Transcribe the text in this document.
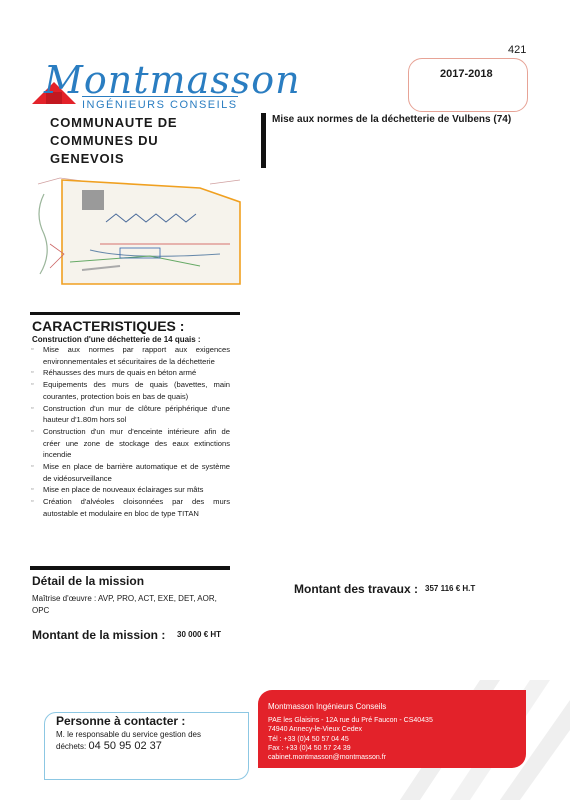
421
Montmasson
INGÉNIEURS CONSEILS
2017-2018
COMMUNAUTE DE
COMMUNES DU
GENEVOIS
Mise aux normes de la déchetterie de Vulbens (74)
CARACTERISTIQUES :
Construction d'une déchetterie de 14 quais :
▫ Mise aux normes par rapport aux exigences environnementales et sécuritaires de la déchetterie
▫ Réhausses des murs de quais en béton armé
▫ Equipements des murs de quais (bavettes, main courantes, protection bois en bas de quais)
▫ Construction d'un mur de clôture périphérique d'une hauteur d'1.80m hors sol
▫ Construction d'un mur d'enceinte intérieure afin de créer une zone de stockage des eaux extinctions incendie
▫ Mise en place de barrière automatique et de système de vidéosurveillance
▫ Mise en place de nouveaux éclairages sur mâts
▫ Création d'alvéoles cloisonnées par des murs autostable et modulaire en bloc de type TITAN
Détail de la mission
Maîtrise d'œuvre : AVP, PRO, ACT, EXE, DET, AOR, OPC
Montant de la mission : 30 000 € HT
Montant des travaux : 357 116 € H.T
Personne à contacter :
M. le responsable du service gestion des
déchets: 04 50 95 02 37
Montmasson Ingénieurs Conseils
PAE les Glaisins - 12A rue du Pré Faucon - CS40435
74940 Annecy-le-Vieux Cedex
Tél : +33 (0)4 50 57 04 45
Fax : +33 (0)4 50 57 24 39
cabinet.montmasson@montmasson.fr
